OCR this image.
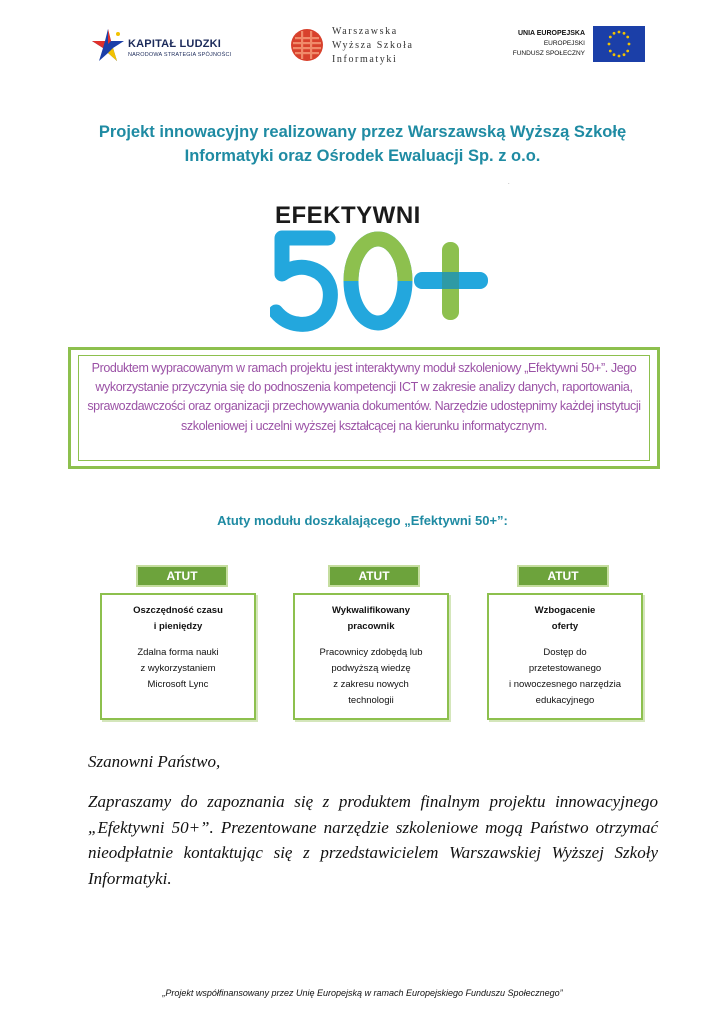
KAPITAŁ LUDZKI
NARODOWA STRATEGIA SPÓJNOŚCI
Warszawska
Wyższa Szkoła
Informatyki
UNIA EUROPEJSKA
EUROPEJSKI
FUNDUSZ SPOŁECZNY
Projekt innowacyjny realizowany przez Warszawską Wyższą Szkołę Informatyki oraz Ośrodek Ewaluacji Sp. z o.o.
.
EFEKTYWNI
Produktem wypracowanym w ramach projektu jest interaktywny moduł szkoleniowy „Efektywni 50+”. Jego wykorzystanie przyczynia się do podnoszenia kompetencji ICT w zakresie analizy danych, raportowania, sprawozdawczości oraz organizacji przechowywania dokumentów. Narzędzie udostępnimy każdej instytucji szkoleniowej i uczelni wyższej kształcącej na kierunku informatycznym.
Atuty modułu doszkalającego „Efektywni 50+”:
ATUT
Oszczędność czasu
i pieniędzy
Zdalna forma nauki
z wykorzystaniem
Microsoft Lync
ATUT
Wykwalifikowany
pracownik
Pracownicy zdobędą lub
podwyższą wiedzę
z zakresu nowych
technologii
ATUT
Wzbogacenie
oferty
Dostęp do
przetestowanego
i nowoczesnego narzędzia
edukacyjnego
Szanowni Państwo,
Zapraszamy do zapoznania się z produktem finalnym projektu innowacyjnego „Efektywni 50+”. Prezentowane narzędzie szkoleniowe mogą Państwo otrzymać nieodpłatnie kontaktując się z przedstawicielem Warszawskiej Wyższej Szkoły Informatyki.
„Projekt współfinansowany przez Unię Europejską w ramach Europejskiego Funduszu Społecznego”
